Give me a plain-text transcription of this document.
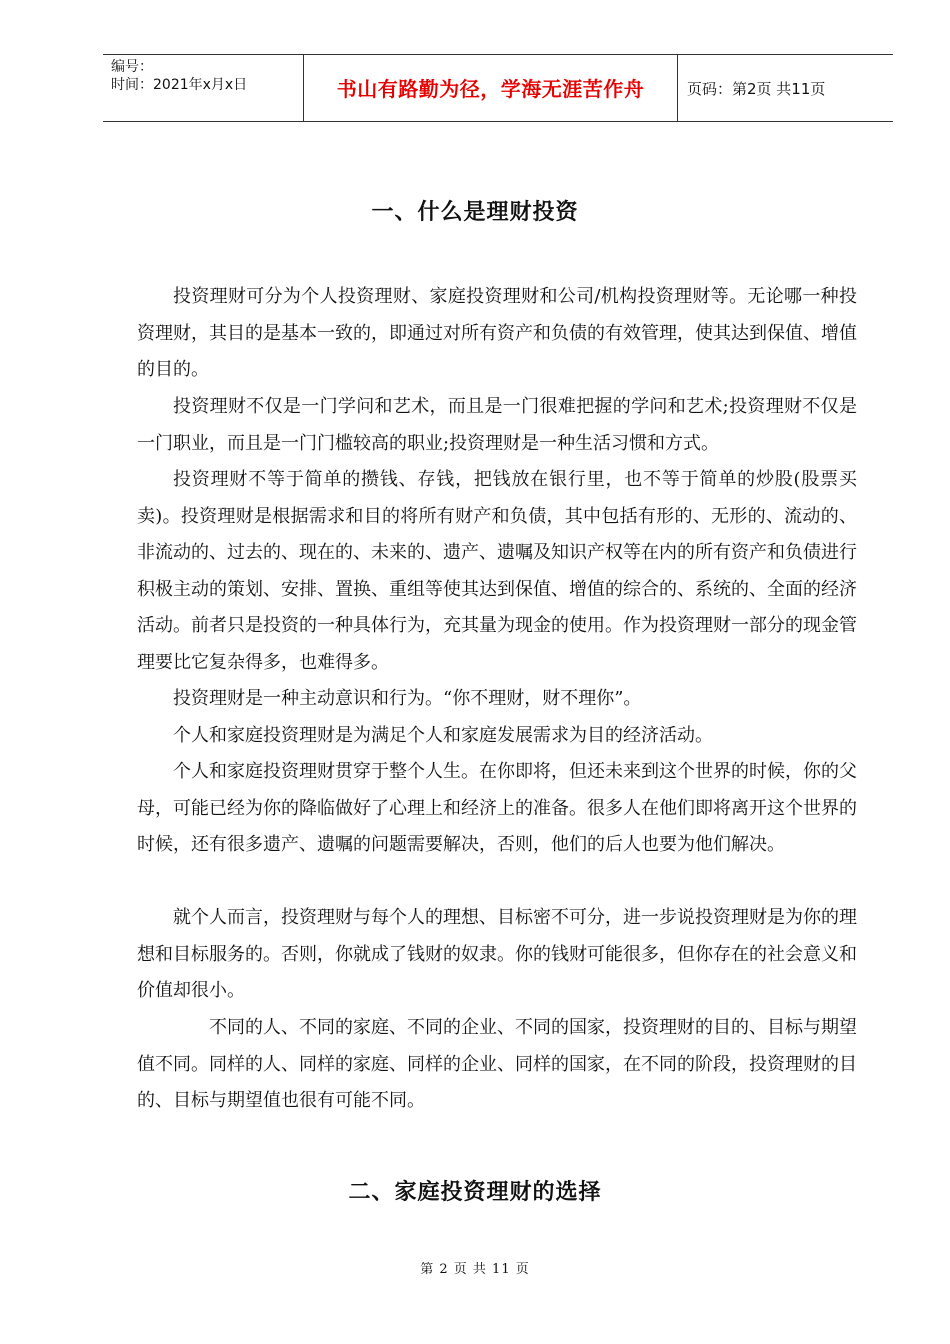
编号：
时间：2021年x月x日	书山有路勤为径，学海无涯苦作舟	页码：第2页 共11页
一、什么是理财投资

投资理财可分为个人投资理财、家庭投资理财和公司/机构投资理财等。无论哪一种投资理财，其目的是基本一致的，即通过对所有资产和负债的有效管理，使其达到保值、增值的目的。

投资理财不仅是一门学问和艺术，而且是一门很难把握的学问和艺术;投资理财不仅是一门职业，而且是一门门槛较高的职业;投资理财是一种生活习惯和方式。

投资理财不等于简单的攒钱、存钱，把钱放在银行里，也不等于简单的炒股(股票买卖)。投资理财是根据需求和目的将所有财产和负债，其中包括有形的、无形的、流动的、非流动的、过去的、现在的、未来的、遗产、遗嘱及知识产权等在内的所有资产和负债进行积极主动的策划、安排、置换、重组等使其达到保值、增值的综合的、系统的、全面的经济活动。前者只是投资的一种具体行为，充其量为现金的使用。作为投资理财一部分的现金管理要比它复杂得多，也难得多。

投资理财是一种主动意识和行为。“你不理财，财不理你”。

个人和家庭投资理财是为满足个人和家庭发展需求为目的经济活动。

个人和家庭投资理财贯穿于整个人生。在你即将，但还未来到这个世界的时候，你的父母，可能已经为你的降临做好了心理上和经济上的准备。很多人在他们即将离开这个世界的时候，还有很多遗产、遗嘱的问题需要解决，否则，他们的后人也要为他们解决。

就个人而言，投资理财与每个人的理想、目标密不可分，进一步说投资理财是为你的理想和目标服务的。否则，你就成了钱财的奴隶。你的钱财可能很多，但你存在的社会意义和价值却很小。

不同的人、不同的家庭、不同的企业、不同的国家，投资理财的目的、目标与期望值不同。同样的人、同样的家庭、同样的企业、同样的国家，在不同的阶段，投资理财的目的、目标与期望值也很有可能不同。

二、家庭投资理财的选择
第 2 页 共 11 页
